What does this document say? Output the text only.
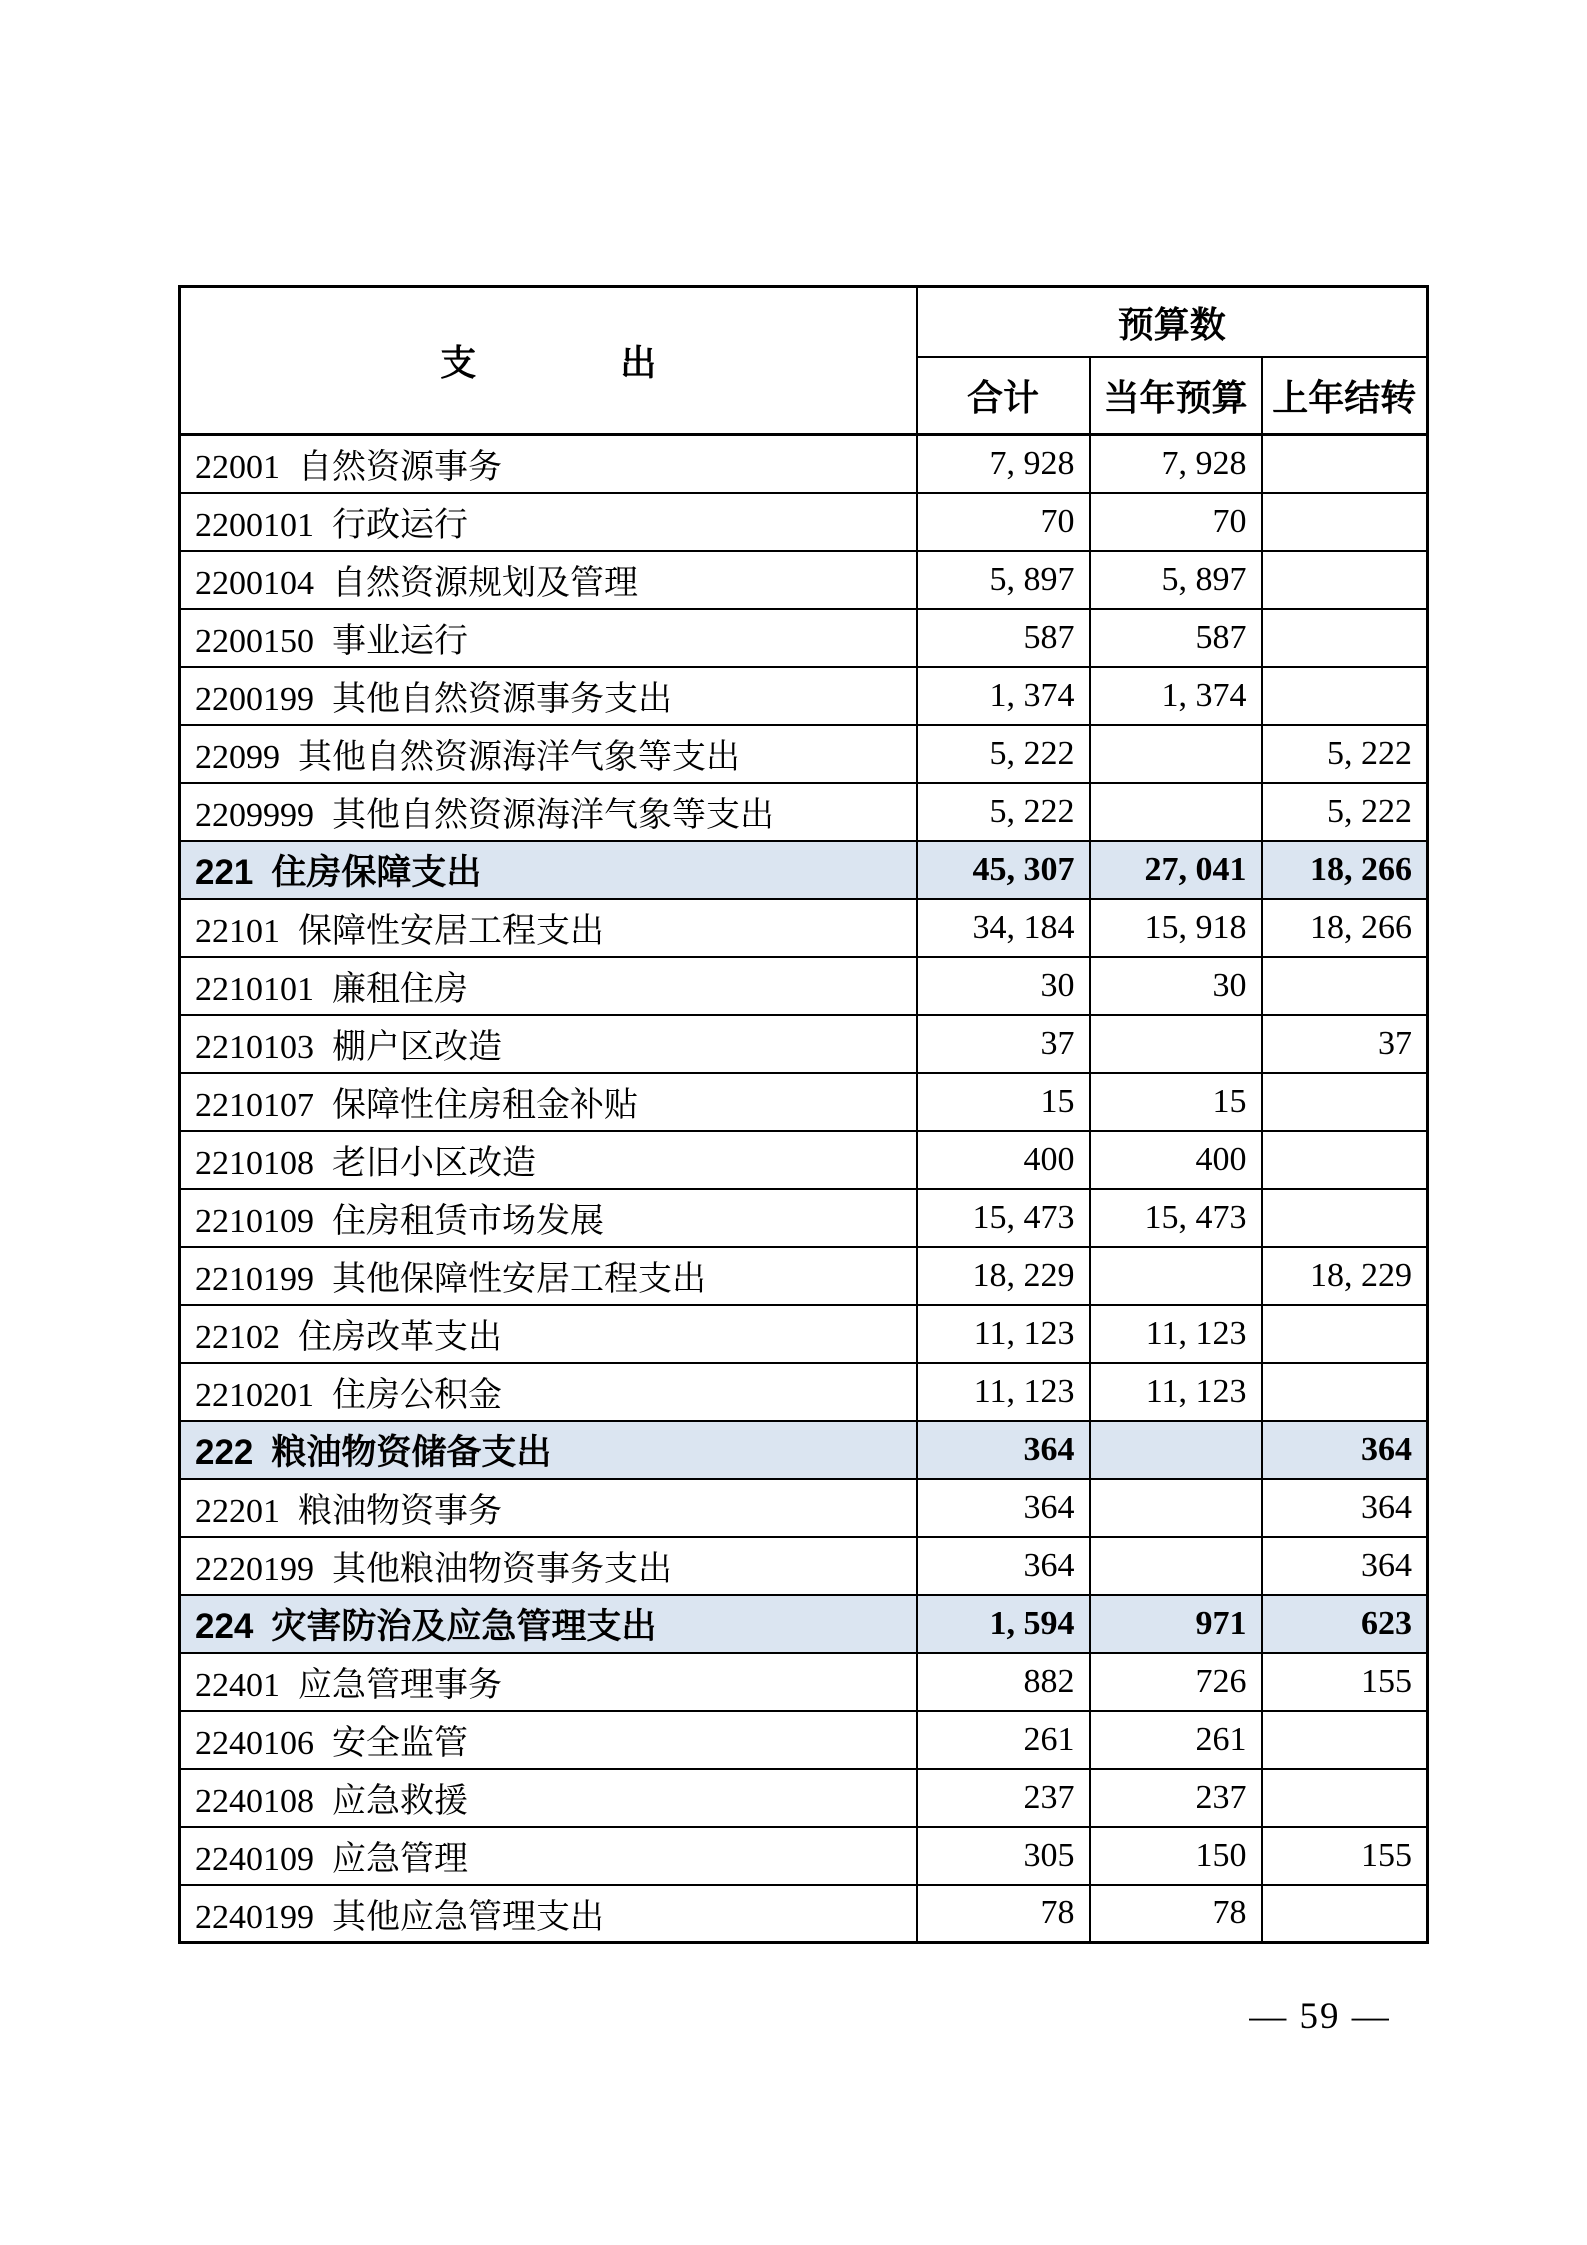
支　　　　出	预算数		
	合计	当年预算	上年结转
22001 自然资源事务	7, 928	7, 928	
2200101 行政运行	70	70	
2200104 自然资源规划及管理	5, 897	5, 897	
2200150 事业运行	587	587	
2200199 其他自然资源事务支出	1, 374	1, 374	
22099 其他自然资源海洋气象等支出	5, 222		5, 222
2209999 其他自然资源海洋气象等支出	5, 222		5, 222
221 住房保障支出	45, 307	27, 041	18, 266
22101 保障性安居工程支出	34, 184	15, 918	18, 266
2210101 廉租住房	30	30	
2210103 棚户区改造	37		37
2210107 保障性住房租金补贴	15	15	
2210108 老旧小区改造	400	400	
2210109 住房租赁市场发展	15, 473	15, 473	
2210199 其他保障性安居工程支出	18, 229		18, 229
22102 住房改革支出	11, 123	11, 123	
2210201 住房公积金	11, 123	11, 123	
222 粮油物资储备支出	364		364
22201 粮油物资事务	364		364
2220199 其他粮油物资事务支出	364		364
224 灾害防治及应急管理支出	1, 594	971	623
22401 应急管理事务	882	726	155
2240106 安全监管	261	261	
2240108 应急救援	237	237	
2240109 应急管理	305	150	155
2240199 其他应急管理支出	78	78	
— 59 —
